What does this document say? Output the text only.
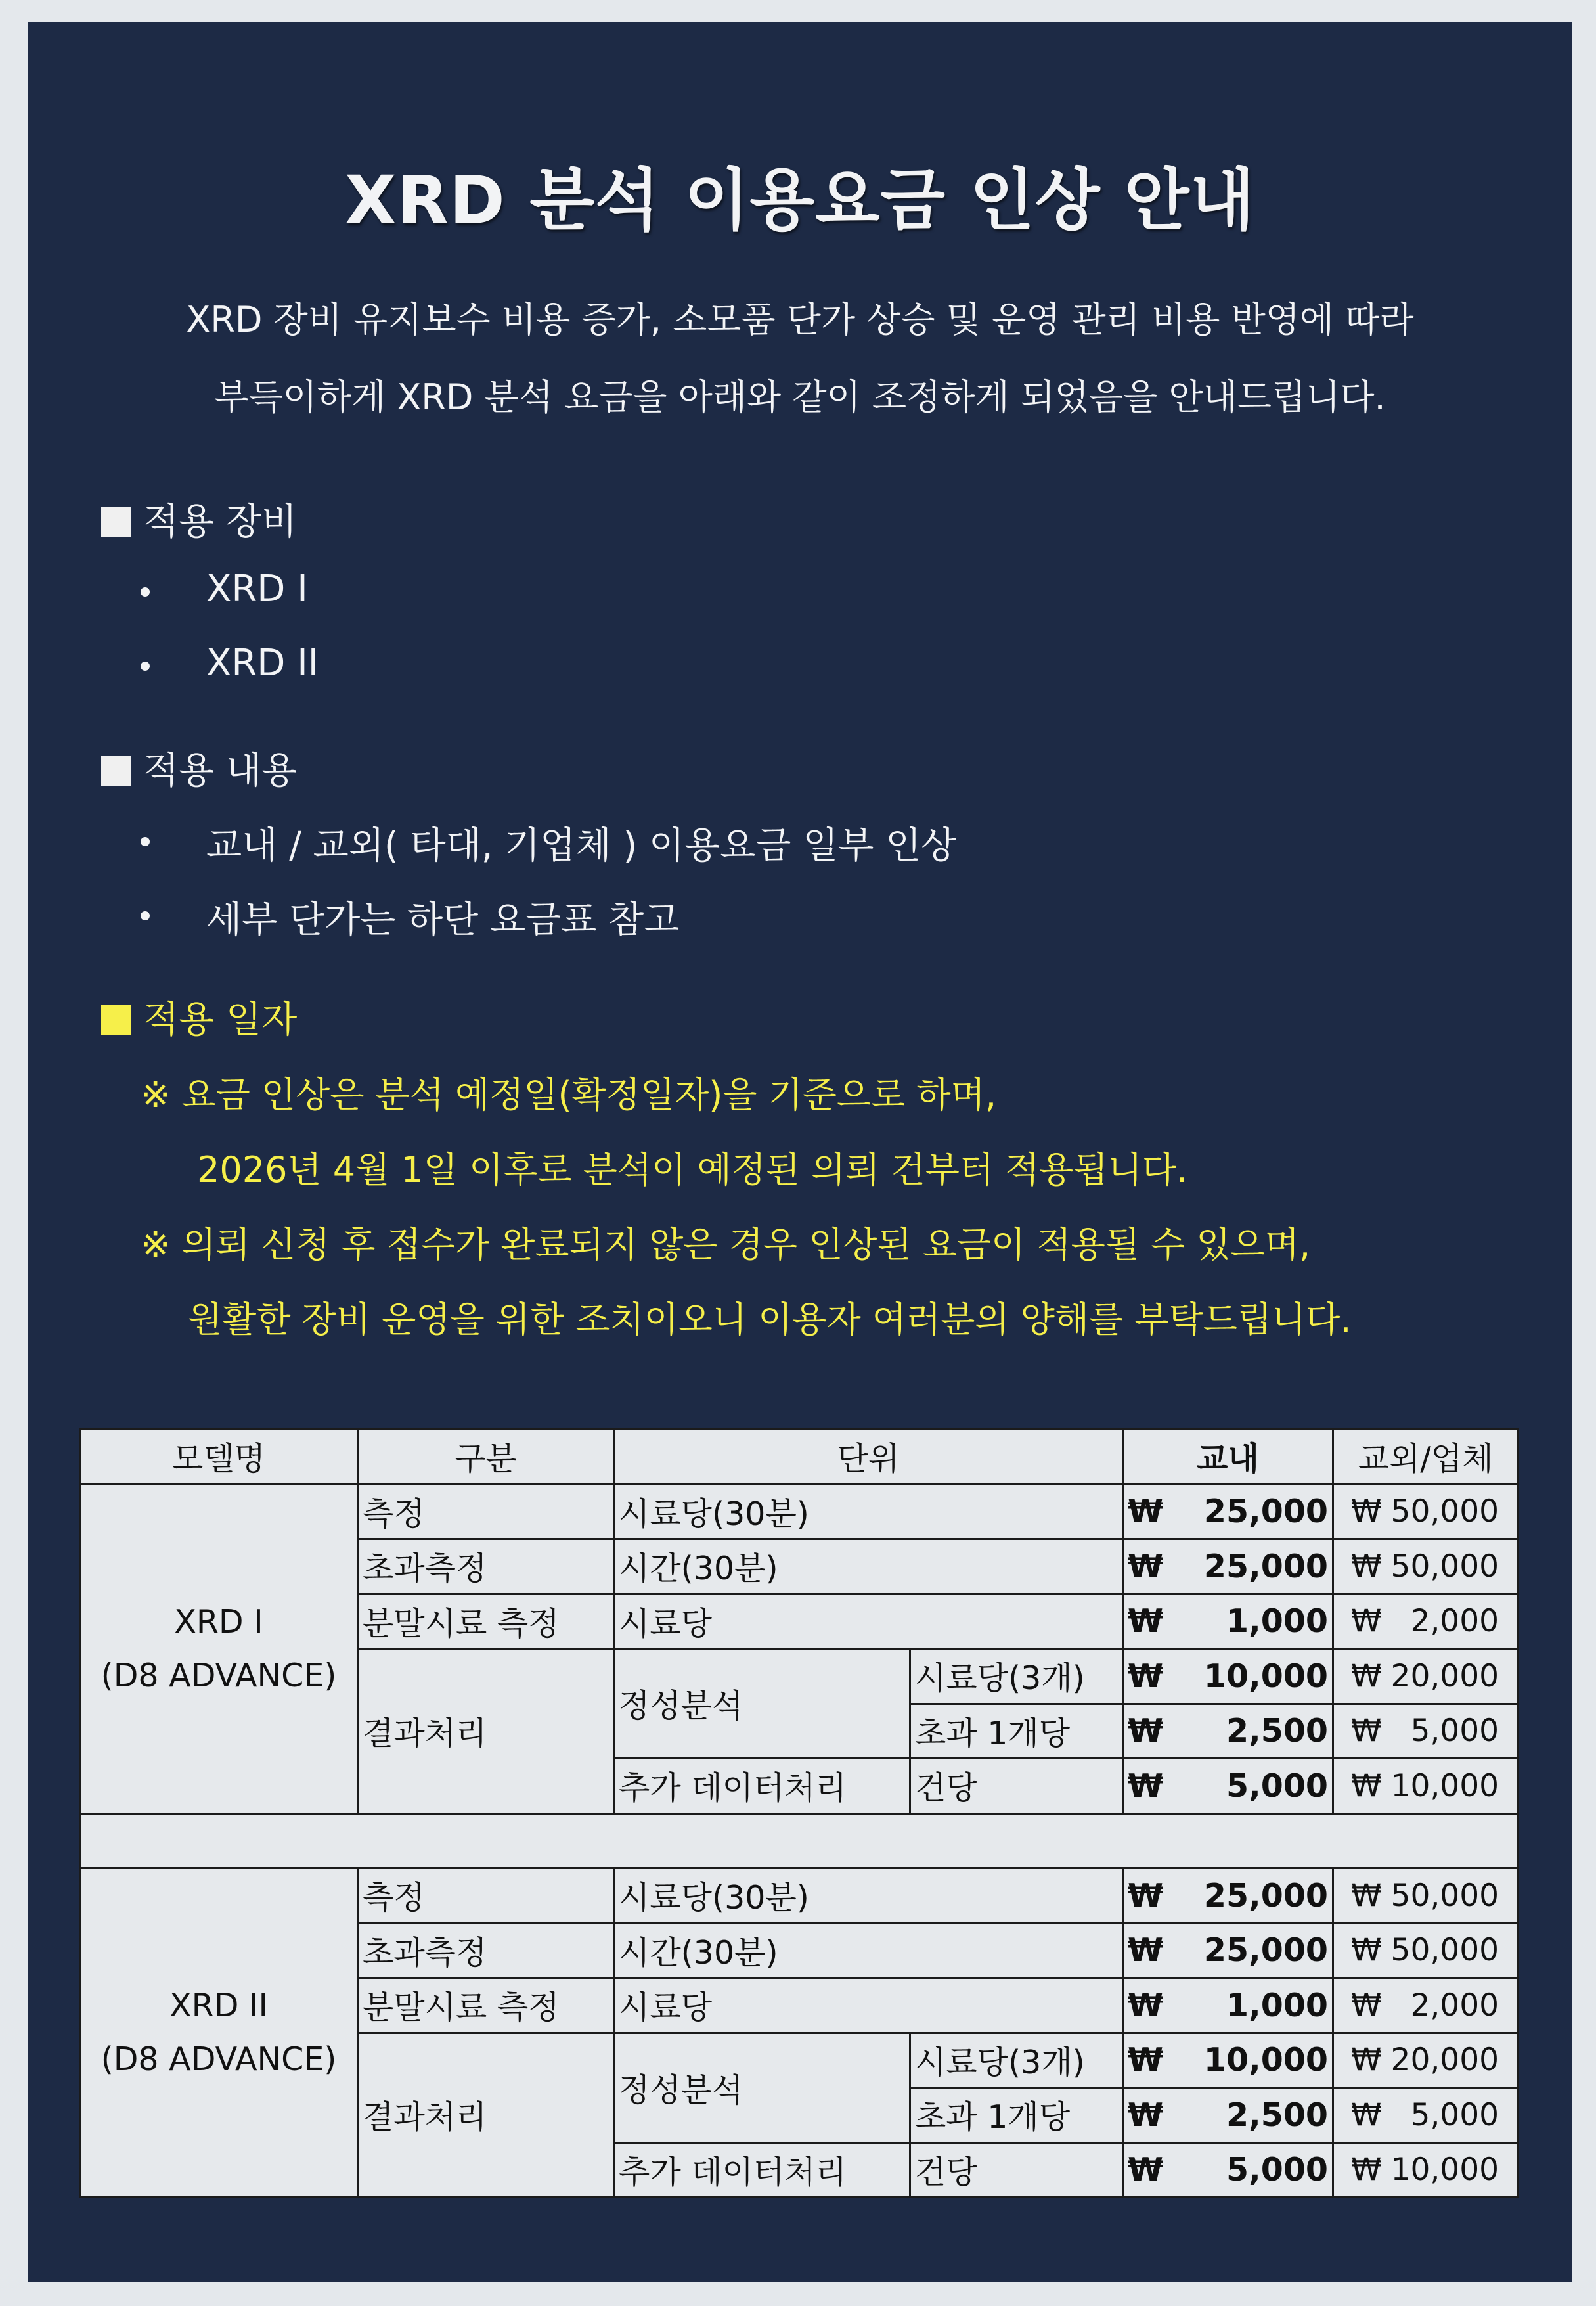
XRD 분석 이용요금 인상 안내
XRD 장비 유지보수 비용 증가, 소모품 단가 상승 및 운영 관리 비용 반영에 따라
부득이하게 XRD 분석 요금을 아래와 같이 조정하게 되었음을 안내드립니다.
적용 장비
XRD I
XRD II
적용 내용
교내 / 교외( 타대, 기업체 ) 이용요금 일부 인상
세부 단가는 하단 요금표 참고
적용 일자
※ 요금 인상은 분석 예정일(확정일자)을 기준으로 하며,
2026년 4월 1일 이후로 분석이 예정된 의뢰 건부터 적용됩니다.
※ 의뢰 신청 후 접수가 완료되지 않은 경우 인상된 요금이 적용될 수 있으며,
원활한 장비 운영을 위한 조치이오니 이용자 여러분의 양해를 부탁드립니다.
모델명	구분	단위		교내	교외/업체
XRD I
(D8 ADVANCE)	측정	시료당(30분)		₩ 25,000	₩ 50,000

	초과측정	시간(30분)		₩ 25,000	₩ 50,000

	분말시료 측정	시료당		₩ 1,000	₩ 2,000

	결과처리	정성분석	시료당(3개)	₩ 10,000	₩ 20,000

			초과 1개당	₩ 2,500	₩ 5,000

		추가 데이터처리	건당	₩ 5,000	₩ 10,000

XRD II
(D8 ADVANCE)	측정	시료당(30분)		₩ 25,000	₩ 50,000

	초과측정	시간(30분)		₩ 25,000	₩ 50,000

	분말시료 측정	시료당		₩ 1,000	₩ 2,000

	결과처리	정성분석	시료당(3개)	₩ 10,000	₩ 20,000

			초과 1개당	₩ 2,500	₩ 5,000

		추가 데이터처리	건당	₩ 5,000	₩ 10,000
